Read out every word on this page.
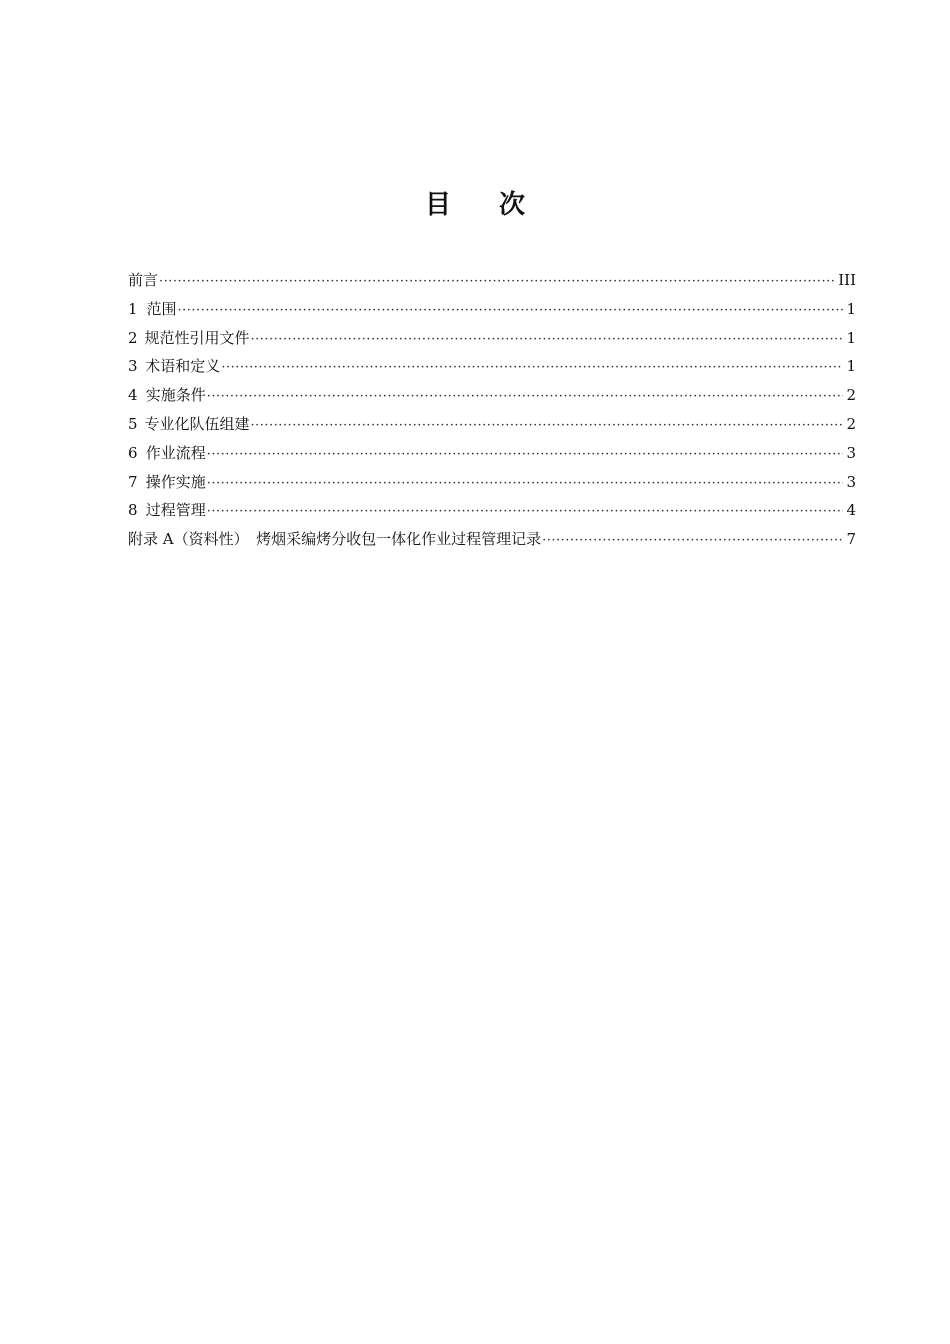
目 次
前言 ·····	III
1 范围 ·····	1
2 规范性引用文件 ·····	1
3 术语和定义 ·····	1
4 实施条件 ·····	2
5 专业化队伍组建 ·····	2
6 作业流程 ·····	3
7 操作实施 ·····	3
8 过程管理 ·····	4
附录 A（资料性）　烤烟采编烤分收包一体化作业过程管理记录 ·····	7
